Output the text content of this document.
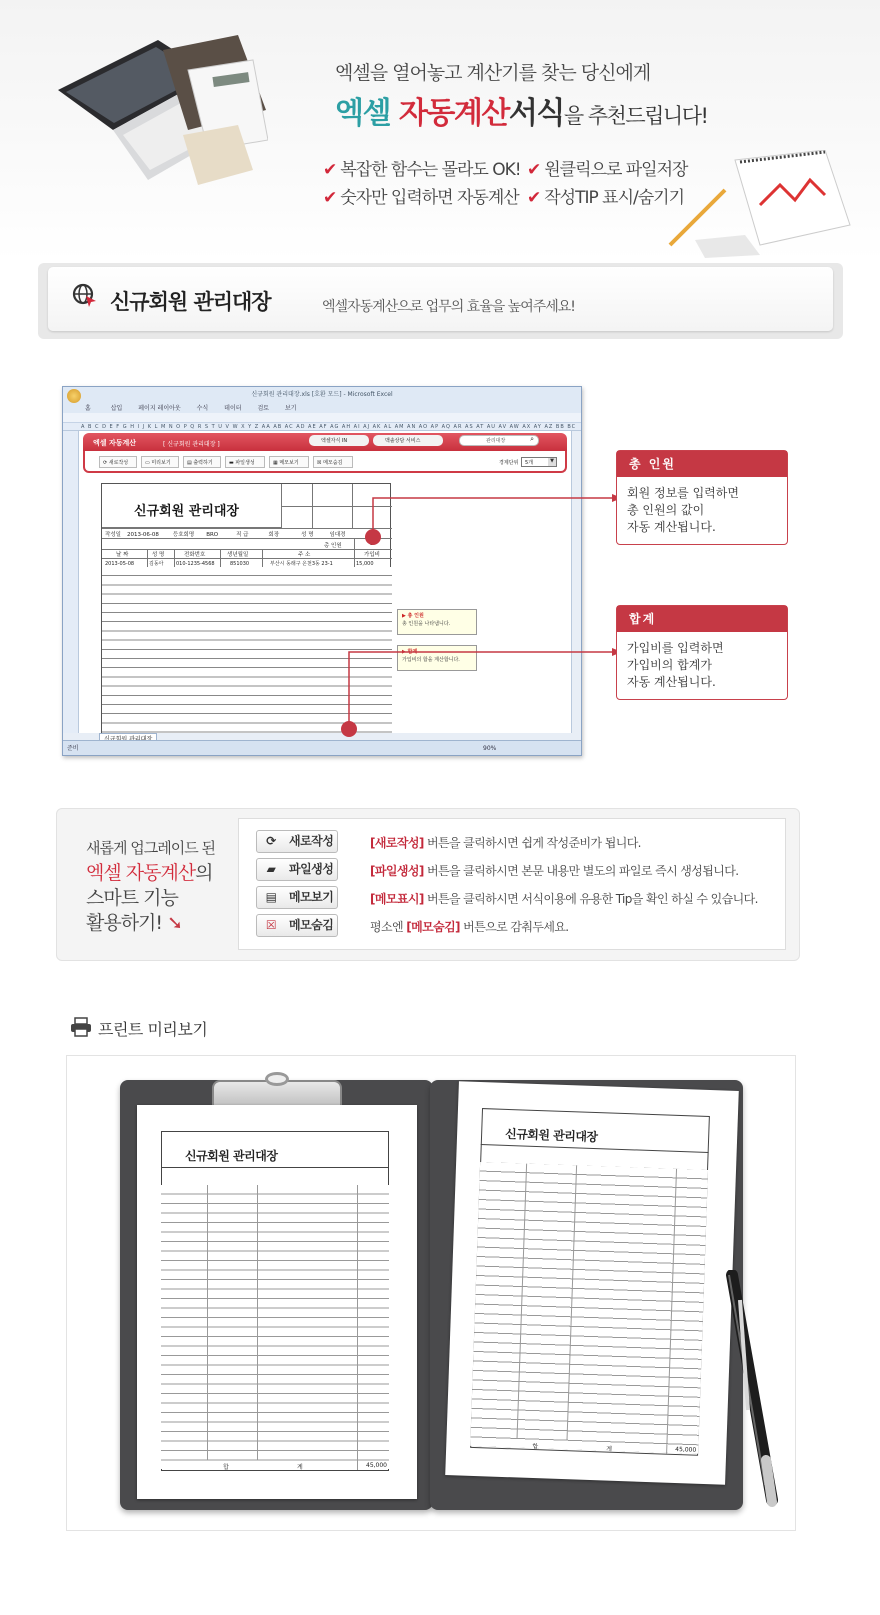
엑셀을 열어놓고 계산기를 찾는 당신에게
엑셀 자동계산서식을 추천드립니다!
✔ 복잡한 함수는 몰라도 OK! ✔ 원클릭으로 파일저장
✔ 숫자만 입력하면 자동계산 ✔ 작성TIP 표시/숨기기
신규회원 관리대장	엑셀자동계산으로 업무의 효율을 높여주세요!
신규회원 관리대장.xls [호환 모드] - Microsoft Excel
홈	삽입	페이지 레이아웃	수식	데이터	검토	보기
A B C D E F G H I J K L M N O P Q R S T U V W X Y Z AA AB AC AD AE AF AG AH AI AJ AK AL AM AN AO AP AQ AR AS AT AU AV AW AX AY AZ BB BC
엑셀 자동계산	[ 신규회원 관리대장 ]	엑셀자식 IN	맥솔상담 서비스	관리대장	⌕
⟳ 새로작성	▭ 미리보기	▤ 출력하기	▬ 파일생성	▦ 메모보기	☒ 메모숨김	경제단위 5개	▼
신규회원 관리대장
작성일 2013-06-08	등호회명 BRO	직 급	회장	성 명	임대경
총 인원
날 짜	성 명	전화번호	생년월일	주 소	가입비
2013-05-08	김동아	010-1235-4568	851030	부산시 동래구 온천3동 23-1	15,000
▶ 총 인원
총 인원을 나타냅니다.
▶ 합계
가입비의 합을 계산합니다.
준비	90%
총 인원
회원 정보를 입력하면
총 인원의 값이
자동 계산됩니다.
합계
가입비를 입력하면
가입비의 합계가
자동 계산됩니다.
새롭게 업그레이드 된
엑셀 자동계산의
스마트 기능
활용하기! ➘
⟳ 새로작성	[새로작성] 버튼을 클릭하시면 쉽게 작성준비가 됩니다.
▰	파일생성	[파일생성] 버튼을 클릭하시면 본문 내용만 별도의 파일로 즉시 생성됩니다.
▤ 메모보기	[메모표시] 버튼을 클릭하시면 서식이용에 유용한 Tip을 확인 하실 수 있습니다.
☒ 메모숨김	평소엔 [메모숨김] 버튼으로 감춰두세요.
프린트 미리보기
신규회원 관리대장
합	계	45,000
신규회원 관리대장
합	계	45,000
